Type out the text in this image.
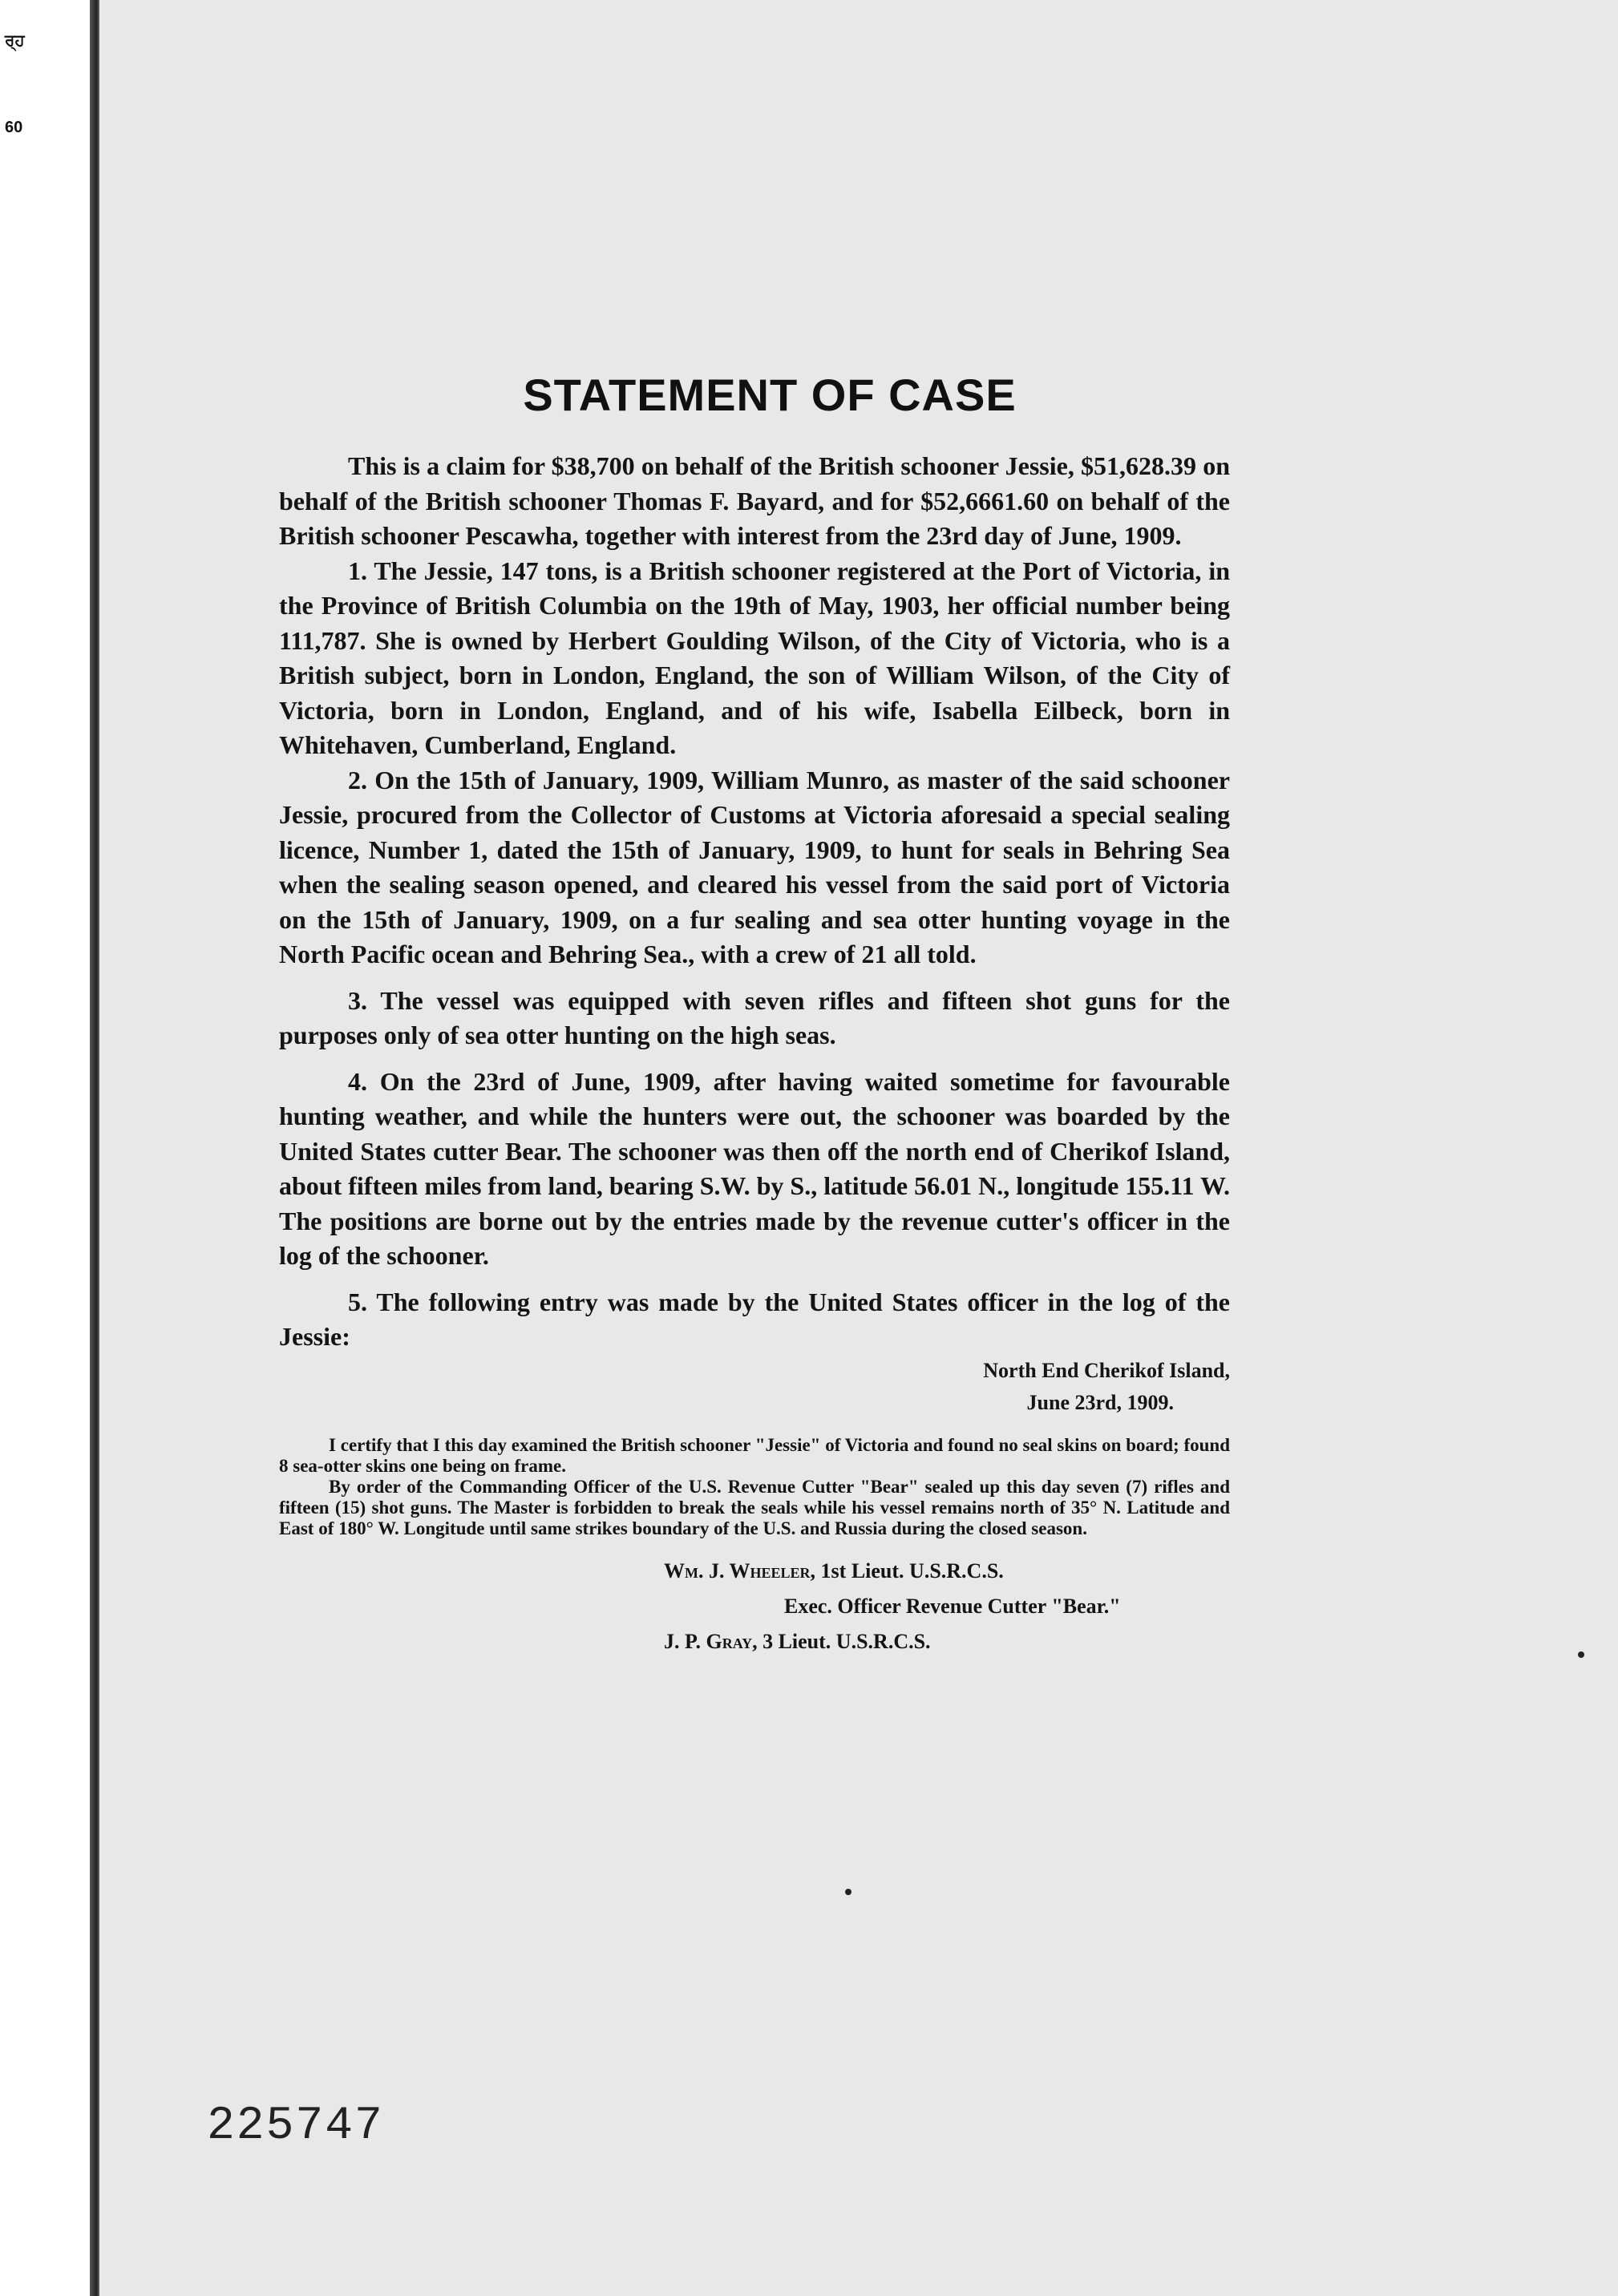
ਰ੍ਹ
60
STATEMENT OF CASE

This is a claim for $38,700 on behalf of the British schooner Jessie, $51,628.39 on behalf of the British schooner Thomas F. Bayard, and for $52,6661.60 on behalf of the British schooner Pescawha, together with interest from the 23rd day of June, 1909.

1. The Jessie, 147 tons, is a British schooner registered at the Port of Victoria, in the Province of British Columbia on the 19th of May, 1903, her official number being 111,787. She is owned by Herbert Goulding Wilson, of the City of Victoria, who is a British subject, born in London, England, the son of William Wilson, of the City of Victoria, born in London, England, and of his wife, Isabella Eilbeck, born in Whitehaven, Cumberland, England.

2. On the 15th of January, 1909, William Munro, as master of the said schooner Jessie, procured from the Collector of Customs at Victoria aforesaid a special sealing licence, Number 1, dated the 15th of January, 1909, to hunt for seals in Behring Sea when the sealing season opened, and cleared his vessel from the said port of Victoria on the 15th of January, 1909, on a fur sealing and sea otter hunting voyage in the North Pacific ocean and Behring Sea., with a crew of 21 all told.

3. The vessel was equipped with seven rifles and fifteen shot guns for the purposes only of sea otter hunting on the high seas.

4. On the 23rd of June, 1909, after having waited sometime for favourable hunting weather, and while the hunters were out, the schooner was boarded by the United States cutter Bear. The schooner was then off the north end of Cherikof Island, about fifteen miles from land, bearing S.W. by S., latitude 56.01 N., longitude 155.11 W. The positions are borne out by the entries made by the revenue cutter's officer in the log of the schooner.

5. The following entry was made by the United States officer in the log of the Jessie:

North End Cherikof Island,
June 23rd, 1909.

I certify that I this day examined the British schooner "Jessie" of Victoria and found no seal skins on board; found 8 sea-otter skins one being on frame.

By order of the Commanding Officer of the U.S. Revenue Cutter "Bear" sealed up this day seven (7) rifles and fifteen (15) shot guns. The Master is forbidden to break the seals while his vessel remains north of 35° N. Latitude and East of 180° W. Longitude until same strikes boundary of the U.S. and Russia during the closed season.

Wm. J. Wheeler, 1st Lieut. U.S.R.C.S.
Exec. Officer Revenue Cutter "Bear."
J. P. Gray, 3 Lieut. U.S.R.C.S.
225747
